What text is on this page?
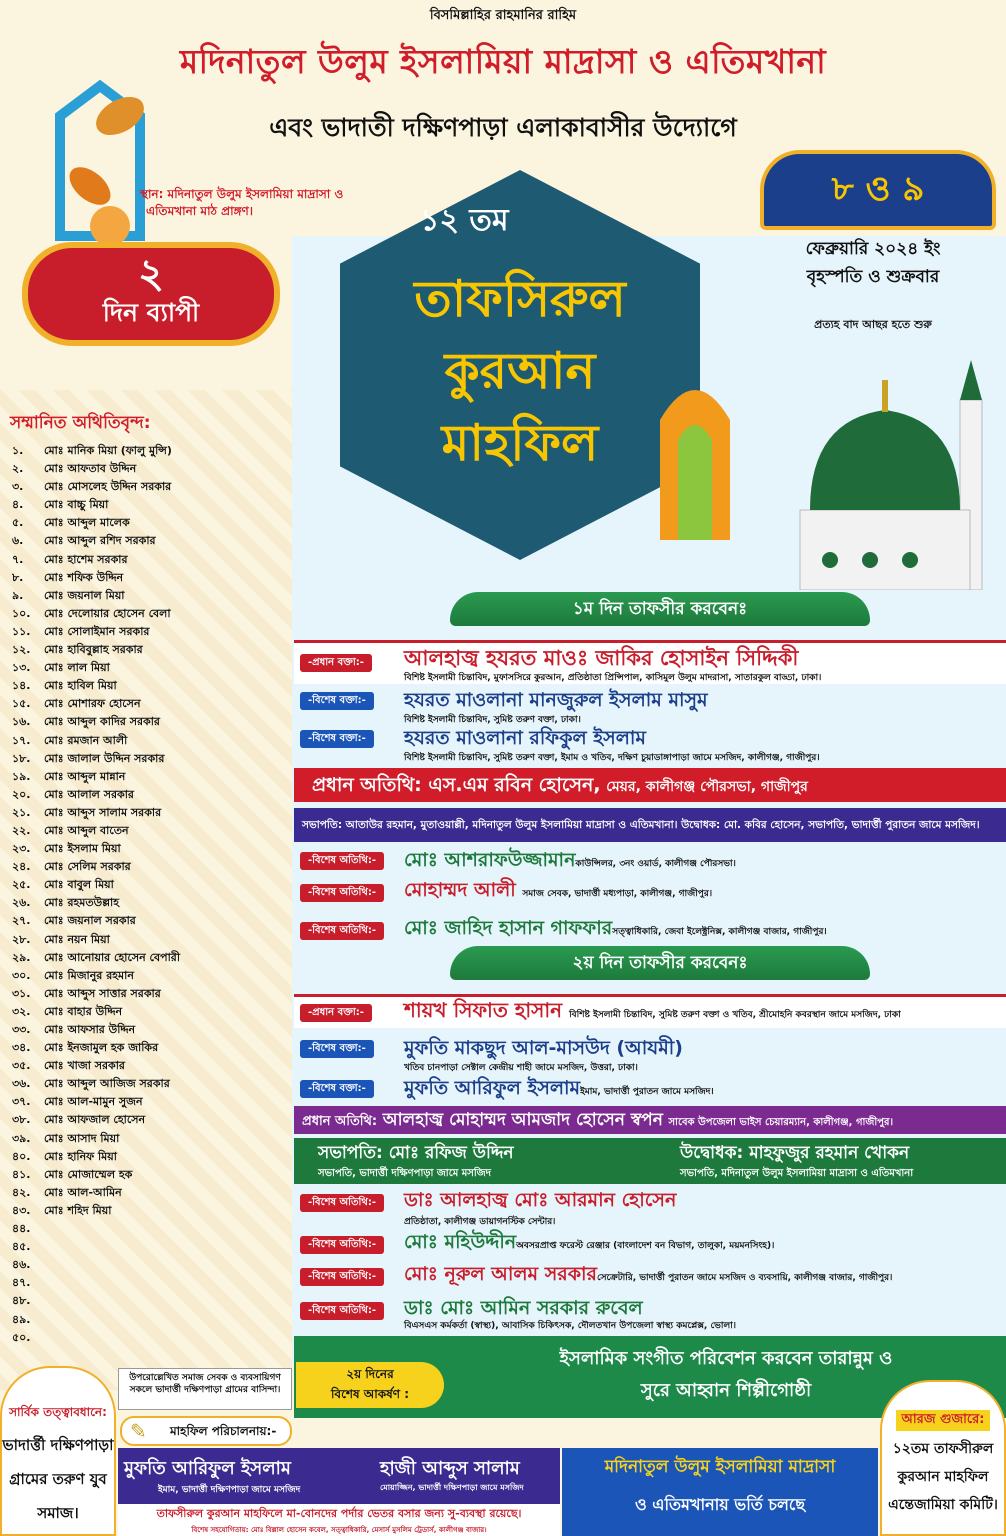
বিসমিল্লাহির রাহমানির রাহিম
মদিনাতুল উলুম ইসলামিয়া মাদ্রাসা ও এতিমখানা
এবং ভাদাতী দক্ষিণপাড়া এলাকাবাসীর উদ্যোগে
স্থান: মদিনাতুল উলুম ইসলামিয়া মাদ্রাসা ও
এতিমখানা মাঠ প্রাঙ্গণ।
২
দিন ব্যাপী
১২ তম
তাফসিরুল
কুরআন
মাহফিল
৮ ও ৯
ফেব্রুয়ারি ২০২৪ ইং
বৃহস্পতি ও শুক্রবার
প্রত্যহ বাদ আছর হতে শুরু
সম্মানিত অথিতিবৃন্দ:
১. মোঃ মানিক মিয়া (ফালু মুন্সি)
২. মোঃ আফতাব উদ্দিন
৩. মোঃ মোসলেহ উদ্দিন সরকার
৪. মোঃ বাচ্চু মিয়া
৫. মোঃ আব্দুল মালেক
৬. মোঃ আব্দুল রশিদ সরকার
৭. মোঃ হাশেম সরকার
৮. মোঃ শফিক উদ্দিন
৯. মোঃ জয়নাল মিয়া
১০. মোঃ দেলোয়ার হোসেন বেলা
১১. মোঃ সোলাইমান সরকার
১২. মোঃ হাবিবুল্লাহ সরকার
১৩. মোঃ লাল মিয়া
১৪. মোঃ হাবিল মিয়া
১৫. মোঃ মোশারফ হোসেন
১৬. মোঃ আব্দুল কাদির সরকার
১৭. মোঃ রমজান আলী
১৮. মোঃ জালাল উদ্দিন সরকার
১৯. মোঃ আব্দুল মান্নান
২০. মোঃ আলাল সরকার
২১. মোঃ আব্দুস সালাম সরকার
২২. মোঃ আব্দুল বাতেন
২৩. মোঃ ইসলাম মিয়া
২৪. মোঃ সেলিম সরকার
২৫. মোঃ বাবুল মিয়া
২৬. মোঃ রহমতউল্লাহ
২৭. মোঃ জয়নাল সরকার
২৮. মোঃ নয়ন মিয়া
২৯. মোঃ আনোয়ার হোসেন বেপারী
৩০. মোঃ মিজানুর রহমান
৩১. মোঃ আব্দুস সাত্তার সরকার
৩২. মোঃ বাহার উদ্দিন
৩৩. মোঃ আফসার উদ্দিন
৩৪. মোঃ ইনজামুল হক জাকির
৩৫. মোঃ খাজা সরকার
৩৬. মোঃ আব্দুল আজিজ সরকার
৩৭. মোঃ আল-মামুন সুজন
৩৮. মোঃ আফজাল হোসেন
৩৯. মোঃ আসাদ মিয়া
৪০. মোঃ হানিফ মিয়া
৪১. মোঃ মোজাম্মেল হক
৪২. মোঃ আল-আমিন
৪৩. মোঃ শহিদ মিয়া
৪৪.
৪৫.
৪৬.
৪৭.
৪৮.
৪৯.
৫০.
১ম দিন তাফসীর করবেনঃ
-প্রধান বক্তা:-	আলহাজ্ব হযরত মাওঃ জাকির হোসাইন সিদ্দিকী
বিশিষ্ট ইসলামী চিন্তাবিদ, মুফাসসিরে কুরআন, প্রতিষ্ঠাতা প্রিন্সিপাল, কাসিমুল উলুম মাদরাসা, সাতারকুল বাড্ডা, ঢাকা।
-বিশেষ বক্তা:-	হযরত মাওলানা মানজুরুল ইসলাম মাসুম
বিশিষ্ট ইসলামী চিন্তাবিদ, সুমিষ্ট তরুণ বক্তা, ঢাকা।
-বিশেষ বক্তা:-	হযরত মাওলানা রফিকুল ইসলাম
বিশিষ্ট ইসলামী চিন্তাবিদ, সুমিষ্ট তরুণ বক্তা, ইমাম ও খতিব, দক্ষিণ চুয়াডাঙ্গাপাড়া জামে মসজিদ, কালীগঞ্জ, গাজীপুর।
প্রধান অতিথি: এস.এম রবিন হোসেন, মেয়র, কালীগঞ্জ পৌরসভা, গাজীপুর
সভাপতি: আতাউর রহমান, মুতাওয়াল্লী, মদিনাতুল উলুম ইসলামিয়া মাদ্রাসা ও এতিমখানা। উদ্বোধক: মো. কবির হোসেন, সভাপতি, ভাদার্ত্তী পুরাতন জামে মসজিদ।
-বিশেষ অতিথি:-	মোঃ আশরাফউজ্জামানকাউন্সিলর, ৩নং ওয়ার্ড, কালীগঞ্জ পৌরসভা।
-বিশেষ অতিথি:-	মোহাম্মদ আলী সমাজ সেবক, ভাদার্ত্তী মধ্যপাড়া, কালীগঞ্জ, গাজীপুর।
-বিশেষ অতিথি:-	মোঃ জাহিদ হাসান গাফফারসত্ত্বাধিকারি, জেবা ইলেক্ট্রনিক্স, কালীগঞ্জ বাজার, গাজীপুর।
২য় দিন তাফসীর করবেনঃ
-প্রধান বক্তা:-	শায়খ সিফাত হাসান বিশিষ্ট ইসলামী চিন্তাবিদ, সুমিষ্ট তরুণ বক্তা ও খতিব, শ্রীমোহনি কবরস্থান জামে মসজিদ, ঢাকা
-বিশেষ বক্তা:-	মুফতি মাকছুদ আল-মাসউদ (আযমী)
খতিব চানপাড়া সেক্টাল কেন্দ্রীয় শাহী জামে মসজিদ, উত্তরা, ঢাকা।
-বিশেষ বক্তা:-	মুফতি আরিফুল ইসলামইমাম, ভাদার্ত্তী পুরাতন জামে মসজিদ।
প্রধান অতিথি: আলহাজ্ব মোহাম্মদ আমজাদ হোসেন স্বপন সাবেক উপজেলা ভাইস চেয়ারম্যান, কালীগঞ্জ, গাজীপুর।
সভাপতি: মোঃ রফিজ উদ্দিন
সভাপতি, ভাদার্ত্তী দক্ষিণপাড়া জামে মসজিদ
উদ্বোধক: মাহফুজুর রহমান খোকন
সভাপতি, মদিনাতুল উলুম ইসলামিয়া মাদ্রাসা ও এতিমখানা
-বিশেষ অতিথি:-	ডাঃ আলহাজ্ব মোঃ আরমান হোসেন
প্রতিষ্ঠাতা, কালীগঞ্জ ডায়াগনস্টিক সেন্টার।
-বিশেষ অতিথি:-	মোঃ মহিউদ্দীনঅবসরপ্রাপ্ত ফরেস্ট রেঞ্জার (বাংলাদেশ বন বিভাগ, তালুকা, ময়মনসিংহ)।
-বিশেষ অতিথি:-	মোঃ নূরুল আলম সরকারসেক্রেটারি, ভাদার্ত্তী পুরাতন জামে মসজিদ ও ব্যবসায়ি, কালীগঞ্জ বাজার, গাজীপুর।
-বিশেষ অতিথি:-	ডাঃ মোঃ আমিন সরকার রুবেল
বিএসএস কর্মকর্তা (স্বাস্থ্য), আবাসিক চিকিৎসক, দৌলতখান উপজেলা স্বাস্থ্য কমপ্লেক্স, ভোলা।
২য় দিনের
বিশেষ আকর্ষণ :
ইসলামিক সংগীত পরিবেশন করবেন তারান্নুম ও
সুরে আহ্বান শিল্পীগোষ্ঠী
সার্বিক তত্ত্বাবধানে:
ভাদার্ত্তী দক্ষিণপাড়া গ্রামের তরুণ যুব সমাজ।
উপরোল্লেখিত সমাজ সেবক ও ব্যবসায়িগণ সকলে ভাদার্ত্তী দক্ষিণপাড়া গ্রামের বাসিন্দা।
✎ মাহফিল পরিচালনায়:-
মুফতি আরিফুল ইসলাম
ইমাম, ভাদার্ত্তী দক্ষিণপাড়া জামে মসজিদ
হাজী আব্দুস সালাম
মোয়াজ্জিন, ভাদার্ত্তী দক্ষিণপাড়া জামে মসজিদ
মদিনাতুল উলুম ইসলামিয়া মাদ্রাসা
ও এতিমখানায় ভর্তি চলছে
তাফসীরুল কুরআন মাহফিলে মা-বোনদের পর্দার ভেতর বসার জন্য সু-ব্যবস্থা রয়েছে।
বিশেষ সহযোগিতায়: মোঃ বিল্লাল হোসেন কবেল, সত্ত্বাধিকারি, মেসার্স মুসলিম ট্রেডার্স, কালীগঞ্জ বাজার।
আরজ গুজারে:
১২তম তাফসীরুল কুরআন মাহফিল এন্তেজামিয়া কমিটি।
